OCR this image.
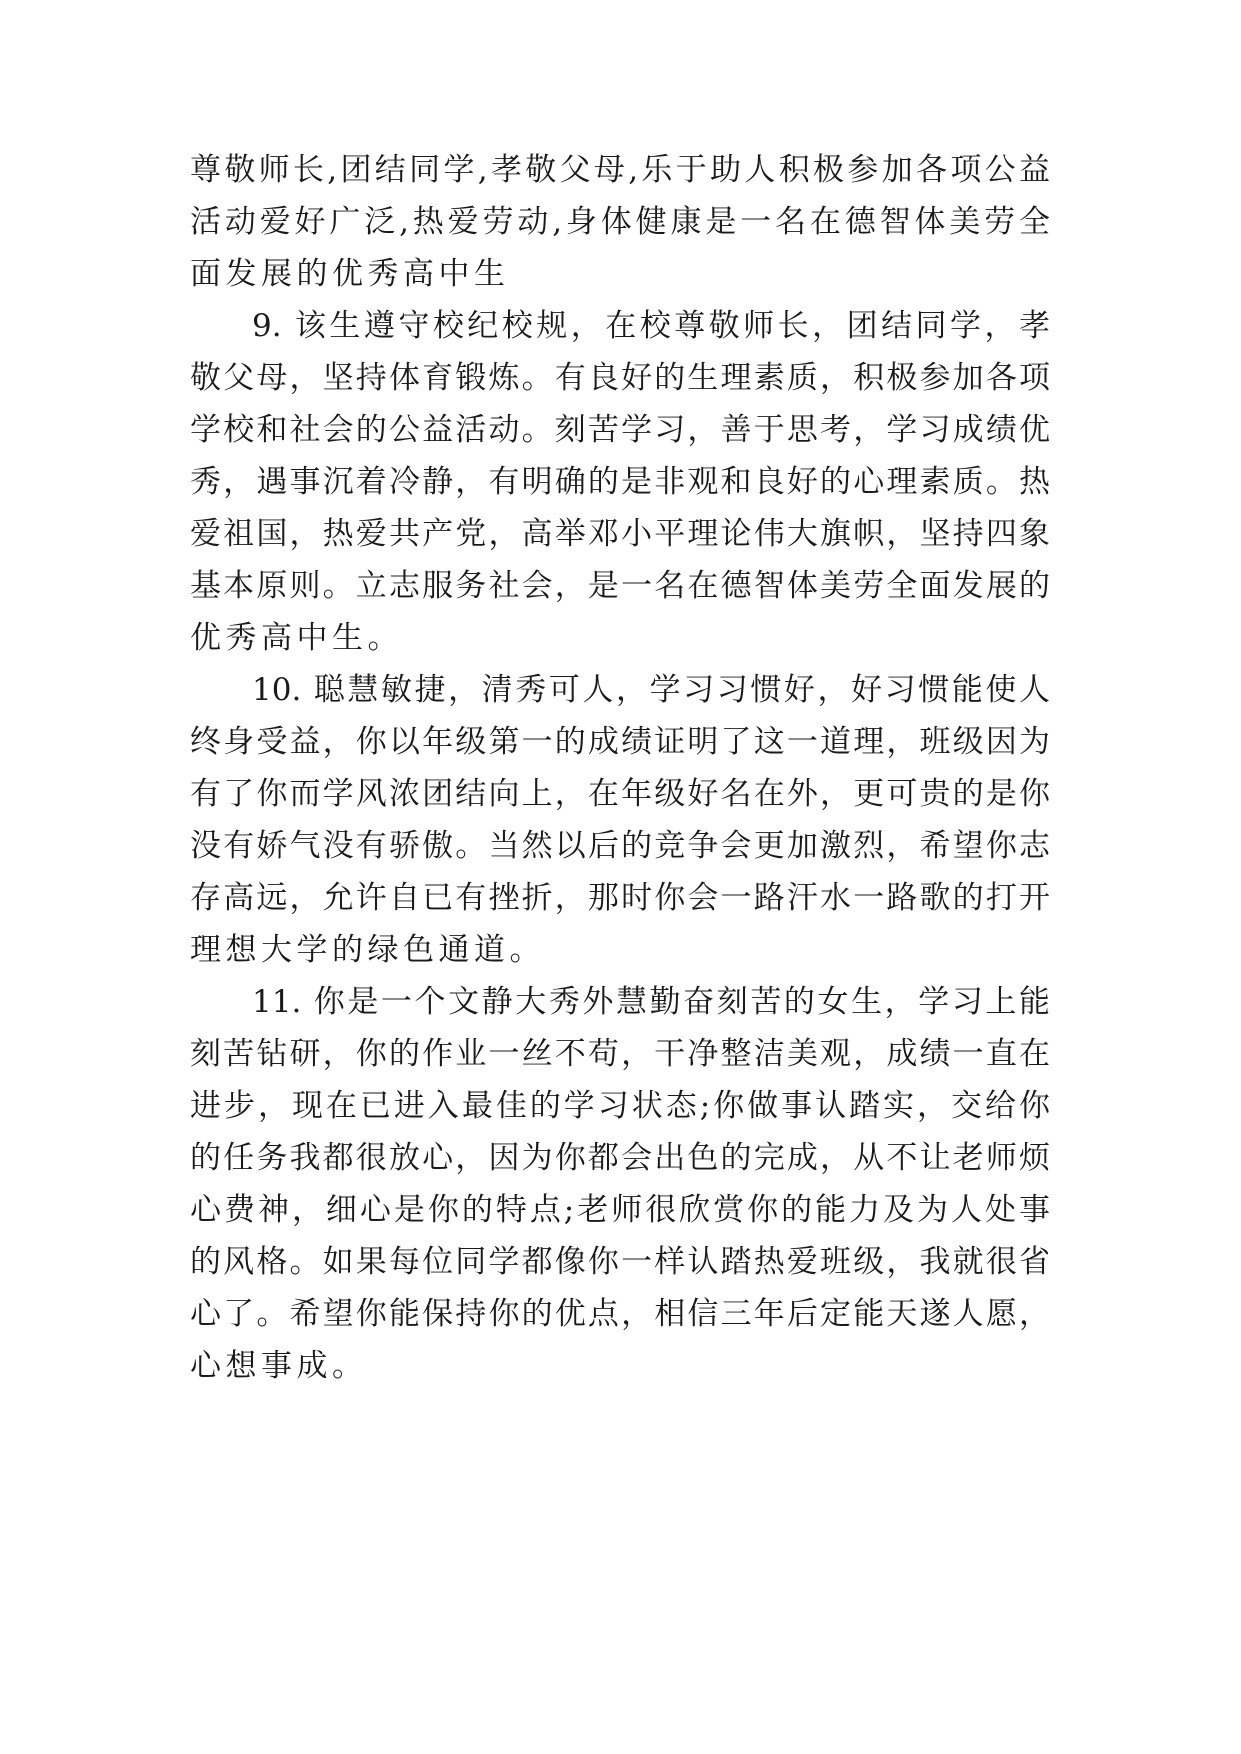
尊敬师长,团结同学,孝敬父母,乐于助人积极参加各项公益
活动爱好广泛,热爱劳动,身体健康是一名在德智体美劳全
面发展的优秀高中生
9. 该生遵守校纪校规，在校尊敬师长，团结同学，孝
敬父母，坚持体育锻炼。有良好的生理素质，积极参加各项
学校和社会的公益活动。刻苦学习，善于思考，学习成绩优
秀，遇事沉着冷静，有明确的是非观和良好的心理素质。热
爱祖国，热爱共产党，高举邓小平理论伟大旗帜，坚持四象
基本原则。立志服务社会，是一名在德智体美劳全面发展的
优秀高中生。
10. 聪慧敏捷，清秀可人，学习习惯好，好习惯能使人
终身受益，你以年级第一的成绩证明了这一道理，班级因为
有了你而学风浓团结向上，在年级好名在外，更可贵的是你
没有娇气没有骄傲。当然以后的竞争会更加激烈，希望你志
存高远，允许自已有挫折，那时你会一路汗水一路歌的打开
理想大学的绿色通道。
11. 你是一个文静大秀外慧勤奋刻苦的女生，学习上能
刻苦钻研，你的作业一丝不苟，干净整洁美观，成绩一直在
进步，现在已进入最佳的学习状态;你做事认踏实，交给你
的任务我都很放心，因为你都会出色的完成，从不让老师烦
心费神，细心是你的特点;老师很欣赏你的能力及为人处事
的风格。如果每位同学都像你一样认踏热爱班级，我就很省
心了。希望你能保持你的优点，相信三年后定能天遂人愿，
心想事成。
